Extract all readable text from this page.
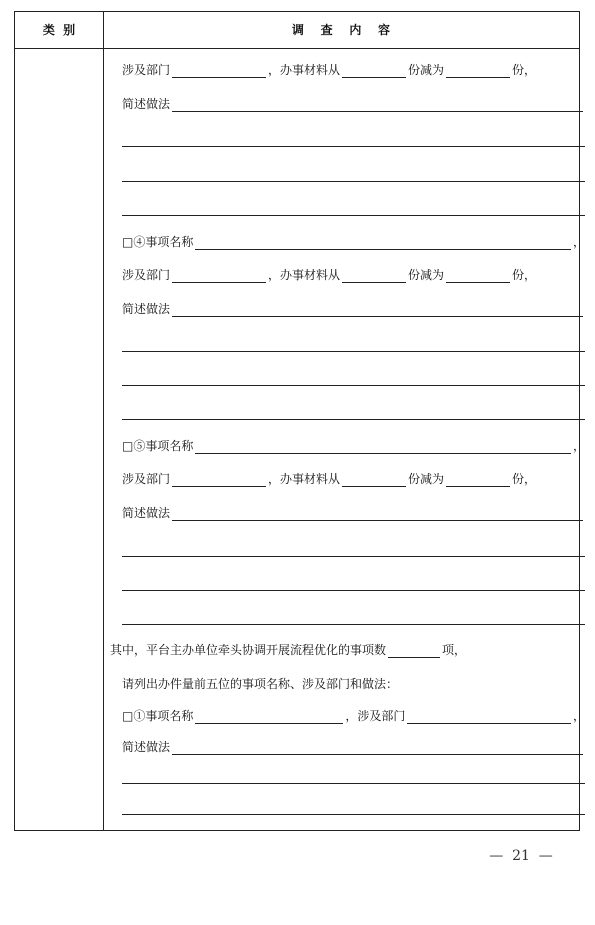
类  别	调    查    内    容
涉及部门	，办事材料从	份减为	份，
简述做法
□④事项名称	，
涉及部门	，办事材料从	份减为	份，
简述做法
□⑤事项名称	，
涉及部门	，办事材料从	份减为	份，
简述做法
其中，平台主办单位牵头协调开展流程优化的事项数	项，
请列出办件量前五位的事项名称、涉及部门和做法：
□①事项名称	，涉及部门	，
简述做法
—  21  —
